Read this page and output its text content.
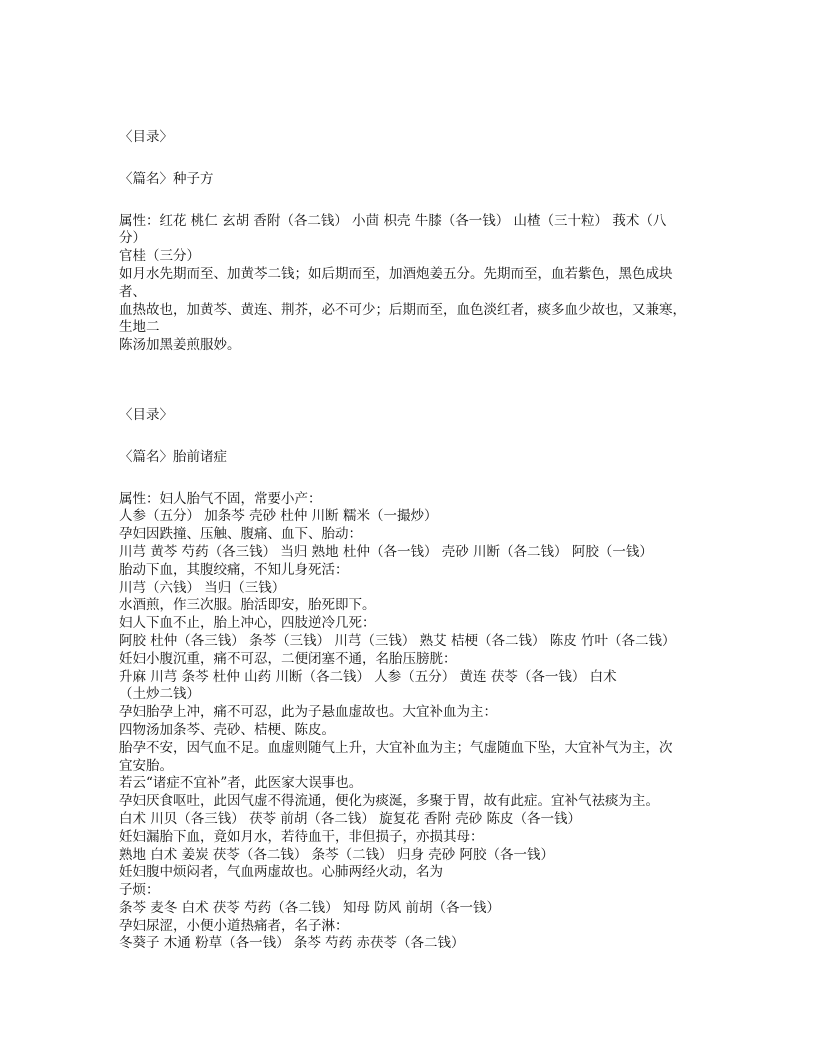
〈目录〉
〈篇名〉种子方
属性：红花 桃仁 玄胡 香附（各二钱） 小茴 枳壳 牛膝（各一钱） 山楂（三十粒） 莪术（八
分）
官桂（三分）
如月水先期而至、加黄芩二钱；如后期而至，加酒炮姜五分。先期而至，血若紫色，黑色成块
者、
血热故也，加黄芩、黄连、荆芥，必不可少；后期而至，血色淡红者，痰多血少故也，又兼寒，
生地二
陈汤加黑姜煎服妙。
〈目录〉
〈篇名〉胎前诸症
属性：妇人胎气不固，常要小产：
人参（五分） 加条芩 壳砂 杜仲 川断 糯米（一撮炒）
孕妇因跌撞、压触、腹痛、血下、胎动：
川芎 黄芩 芍药（各三钱） 当归 熟地 杜仲（各一钱） 壳砂 川断（各二钱） 阿胶（一钱）
胎动下血，其腹绞痛，不知儿身死活：
川芎（六钱） 当归（三钱）
水酒煎，作三次服。胎活即安，胎死即下。
妇人下血不止，胎上冲心，四肢逆冷几死：
阿胶 杜仲（各三钱） 条芩（三钱） 川芎（三钱） 熟艾 桔梗（各二钱） 陈皮 竹叶（各二钱）
妊妇小腹沉重，痛不可忍，二便闭塞不通，名胎压膀胱：
升麻 川芎 条芩 杜仲 山药 川断（各二钱） 人参（五分） 黄连 茯苓（各一钱） 白术
（土炒二钱）
孕妇胎孕上冲，痛不可忍，此为子悬血虚故也。大宜补血为主：
四物汤加条芩、壳砂、桔梗、陈皮。
胎孕不安，因气血不足。血虚则随气上升，大宜补血为主；气虚随血下坠，大宜补气为主，次
宜安胎。
若云“诸症不宜补”者，此医家大误事也。
孕妇厌食呕吐，此因气虚不得流通，便化为痰涎，多聚于胃，故有此症。宜补气祛痰为主。
白术 川贝（各三钱） 茯苓 前胡（各二钱） 旋复花 香附 壳砂 陈皮（各一钱）
妊妇漏胎下血，竟如月水，若待血干，非但损子，亦损其母：
熟地 白术 姜炭 茯苓（各二钱） 条芩（二钱） 归身 壳砂 阿胶（各一钱）
妊妇腹中烦闷者，气血两虚故也。心肺两经火动，名为
子烦：
条芩 麦冬 白术 茯苓 芍药（各二钱） 知母 防风 前胡（各一钱）
孕妇尿涩，小便小道热痛者，名子淋：
冬葵子 木通 粉草（各一钱） 条芩 芍药 赤茯苓（各二钱）
